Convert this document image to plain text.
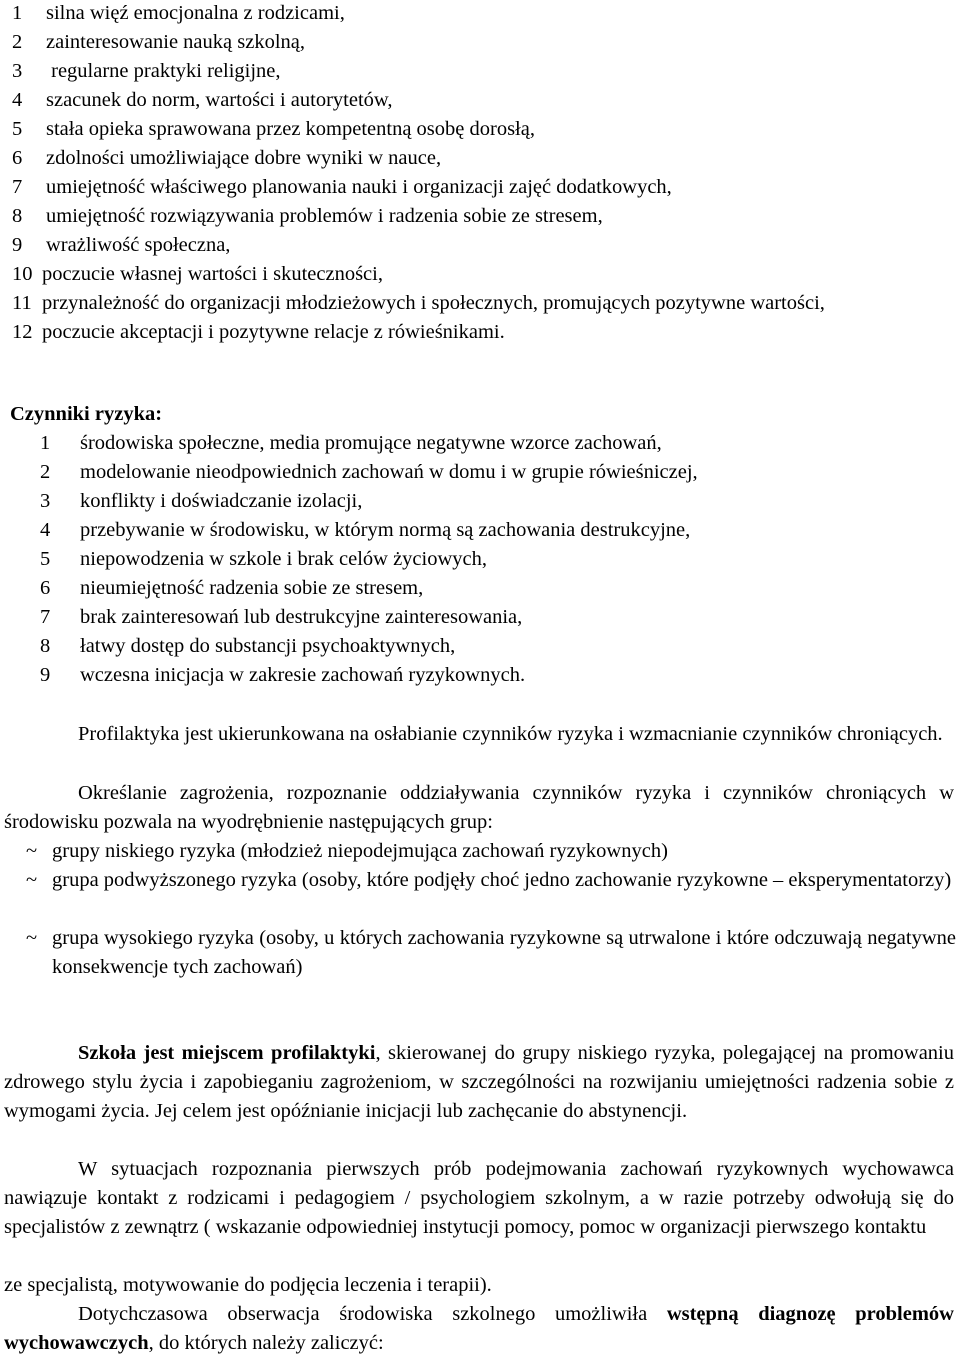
1	silna więź emocjonalna z rodzicami,
2	zainteresowanie nauką szkolną,
3	regularne praktyki religijne,
4	szacunek do norm, wartości i autorytetów,
5	stała opieka sprawowana przez kompetentną osobę dorosłą,
6	zdolności umożliwiające dobre wyniki w nauce,
7	umiejętność właściwego planowania nauki i organizacji zajęć dodatkowych,
8	umiejętność rozwiązywania problemów i radzenia sobie ze stresem,
9	wrażliwość społeczna,
10 poczucie własnej wartości i skuteczności,
11 przynależność do organizacji młodzieżowych i społecznych, promujących pozytywne wartości,
12 poczucie akceptacji i pozytywne relacje z rówieśnikami.
Czynniki ryzyka:
1	środowiska społeczne, media promujące negatywne wzorce zachowań,
2	modelowanie nieodpowiednich zachowań w domu i w grupie rówieśniczej,
3	konflikty i doświadczanie izolacji,
4	przebywanie w środowisku, w którym normą są zachowania destrukcyjne,
5	niepowodzenia w szkole i brak celów życiowych,
6	nieumiejętność radzenia sobie ze stresem,
7	brak zainteresowań lub destrukcyjne zainteresowania,
8	łatwy dostęp do substancji psychoaktywnych,
9	wczesna inicjacja w zakresie zachowań ryzykownych.

Profilaktyka jest ukierunkowana na osłabianie czynników ryzyka i wzmacnianie czynników chroniących.

Określanie zagrożenia, rozpoznanie oddziaływania czynników ryzyka i czynników chroniących w środowisku pozwala na wyodrębnienie następujących grup:

~ grupy niskiego ryzyka (młodzież niepodejmująca zachowań ryzykownych)
~ grupa podwyższonego ryzyka (osoby, które podjęły choć jedno zachowanie ryzykowne – eksperymentatorzy)
~ grupa wysokiego ryzyka (osoby, u których zachowania ryzykowne są utrwalone i które odczuwają negatywne konsekwencje tych zachowań)

Szkoła jest miejscem profilaktyki, skierowanej do grupy niskiego ryzyka, polegającej na promowaniu zdrowego stylu życia i zapobieganiu zagrożeniom, w szczególności na rozwijaniu umiejętności radzenia sobie z wymogami życia. Jej celem jest opóźnianie inicjacji lub zachęcanie do abstynencji.

W sytuacjach rozpoznania pierwszych prób podejmowania zachowań ryzykownych wychowawca nawiązuje kontakt z rodzicami i pedagogiem / psychologiem szkolnym, a w razie potrzeby odwołują się do specjalistów z zewnątrz ( wskazanie odpowiedniej instytucji pomocy, pomoc w organizacji pierwszego kontaktu

ze specjalistą, motywowanie do podjęcia leczenia i terapii).

Dotychczasowa obserwacja środowiska szkolnego umożliwiła wstępną diagnozę problemów wychowawczych, do których należy zaliczyć:
